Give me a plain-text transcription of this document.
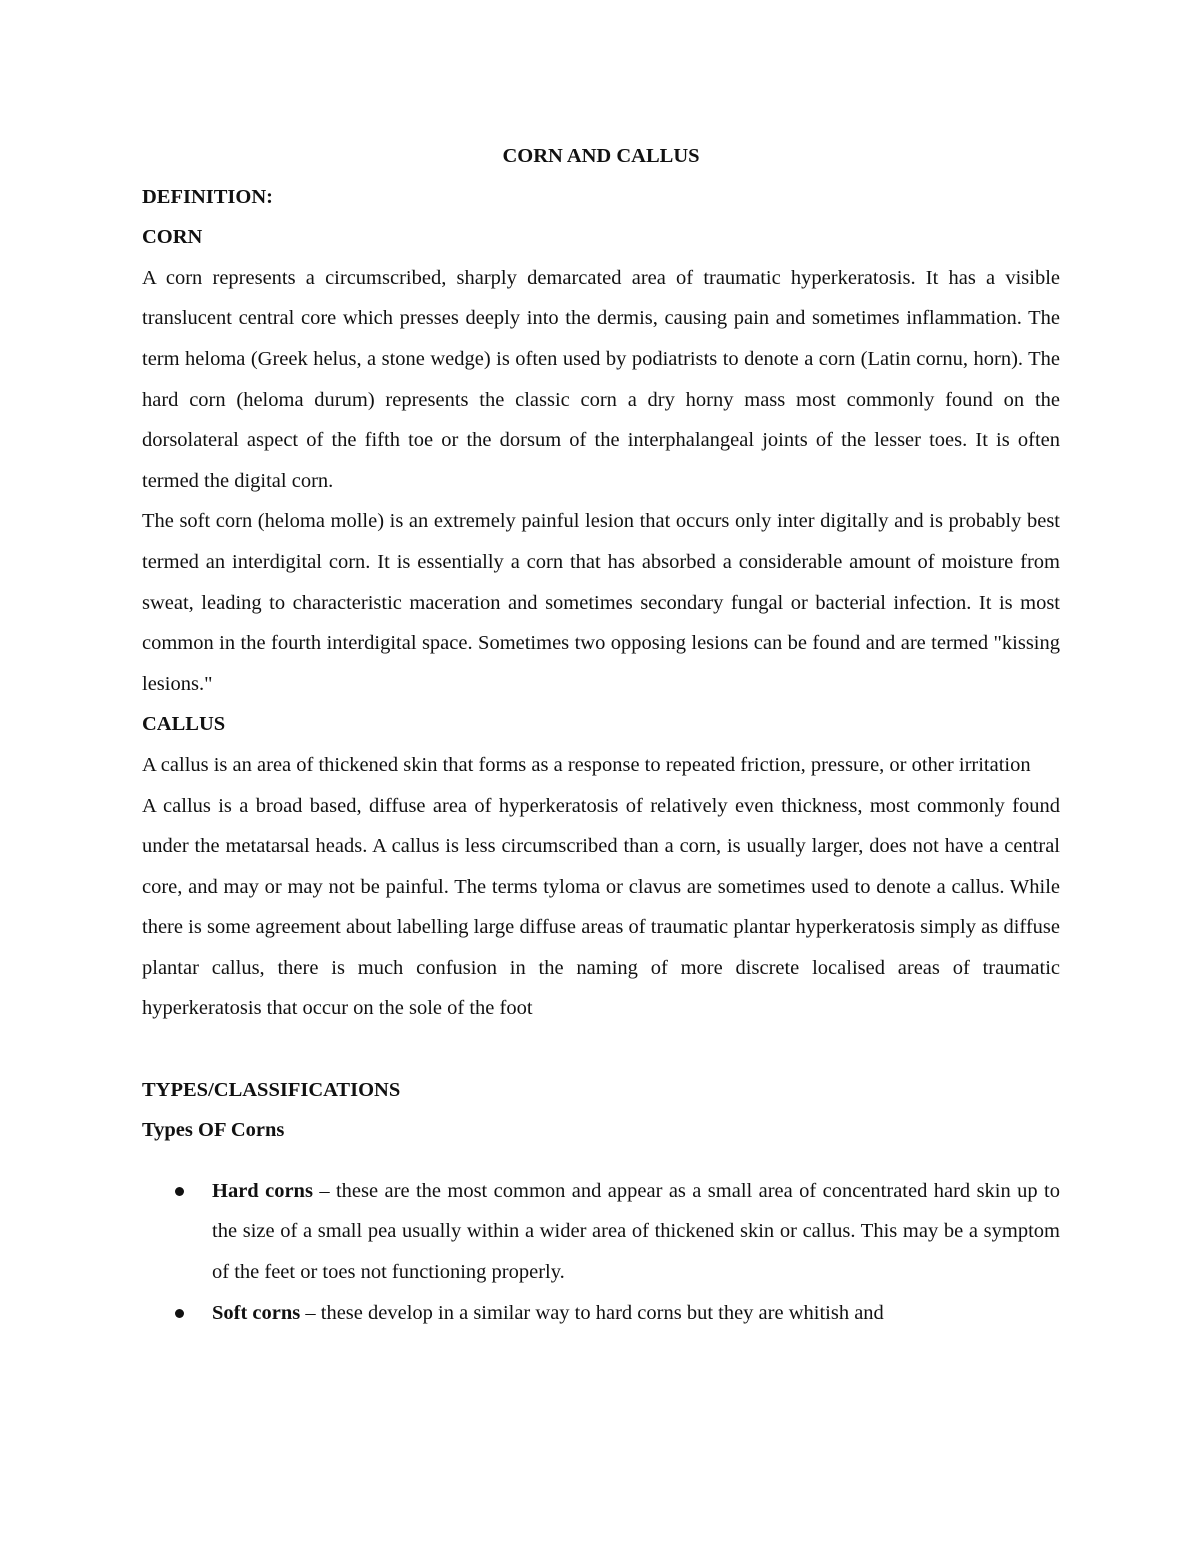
CORN AND CALLUS

DEFINITION:

CORN

A corn represents a circumscribed, sharply demarcated area of traumatic hyperkeratosis. It has a visible translucent central core which presses deeply into the dermis, causing pain and sometimes inflammation. The term heloma (Greek helus, a stone wedge) is often used by podiatrists to denote a corn (Latin cornu, horn). The hard corn (heloma durum) represents the classic corn a dry horny mass most commonly found on the dorsolateral aspect of the fifth toe or the dorsum of the interphalangeal joints of the lesser toes. It is often termed the digital corn.

The soft corn (heloma molle) is an extremely painful lesion that occurs only inter digitally and is probably best termed an interdigital corn. It is essentially a corn that has absorbed a considerable amount of moisture from sweat, leading to characteristic maceration and sometimes secondary fungal or bacterial infection. It is most common in the fourth interdigital space. Sometimes two opposing lesions can be found and are termed "kissing lesions."

CALLUS

A callus is an area of thickened skin that forms as a response to repeated friction, pressure, or other irritation

A callus is a broad based, diffuse area of hyperkeratosis of relatively even thickness, most commonly found under the metatarsal heads. A callus is less circumscribed than a corn, is usually larger, does not have a central core, and may or may not be painful. The terms tyloma or clavus are sometimes used to denote a callus. While there is some agreement about labelling large diffuse areas of traumatic plantar hyperkeratosis simply as diffuse plantar callus, there is much confusion in the naming of more discrete localised areas of traumatic hyperkeratosis that occur on the sole of the foot

TYPES/CLASSIFICATIONS

Types OF Corns

Hard corns – these are the most common and appear as a small area of concentrated hard skin up to the size of a small pea usually within a wider area of thickened skin or callus. This may be a symptom of the feet or toes not functioning properly.
Soft corns – these develop in a similar way to hard corns but they are whitish and
